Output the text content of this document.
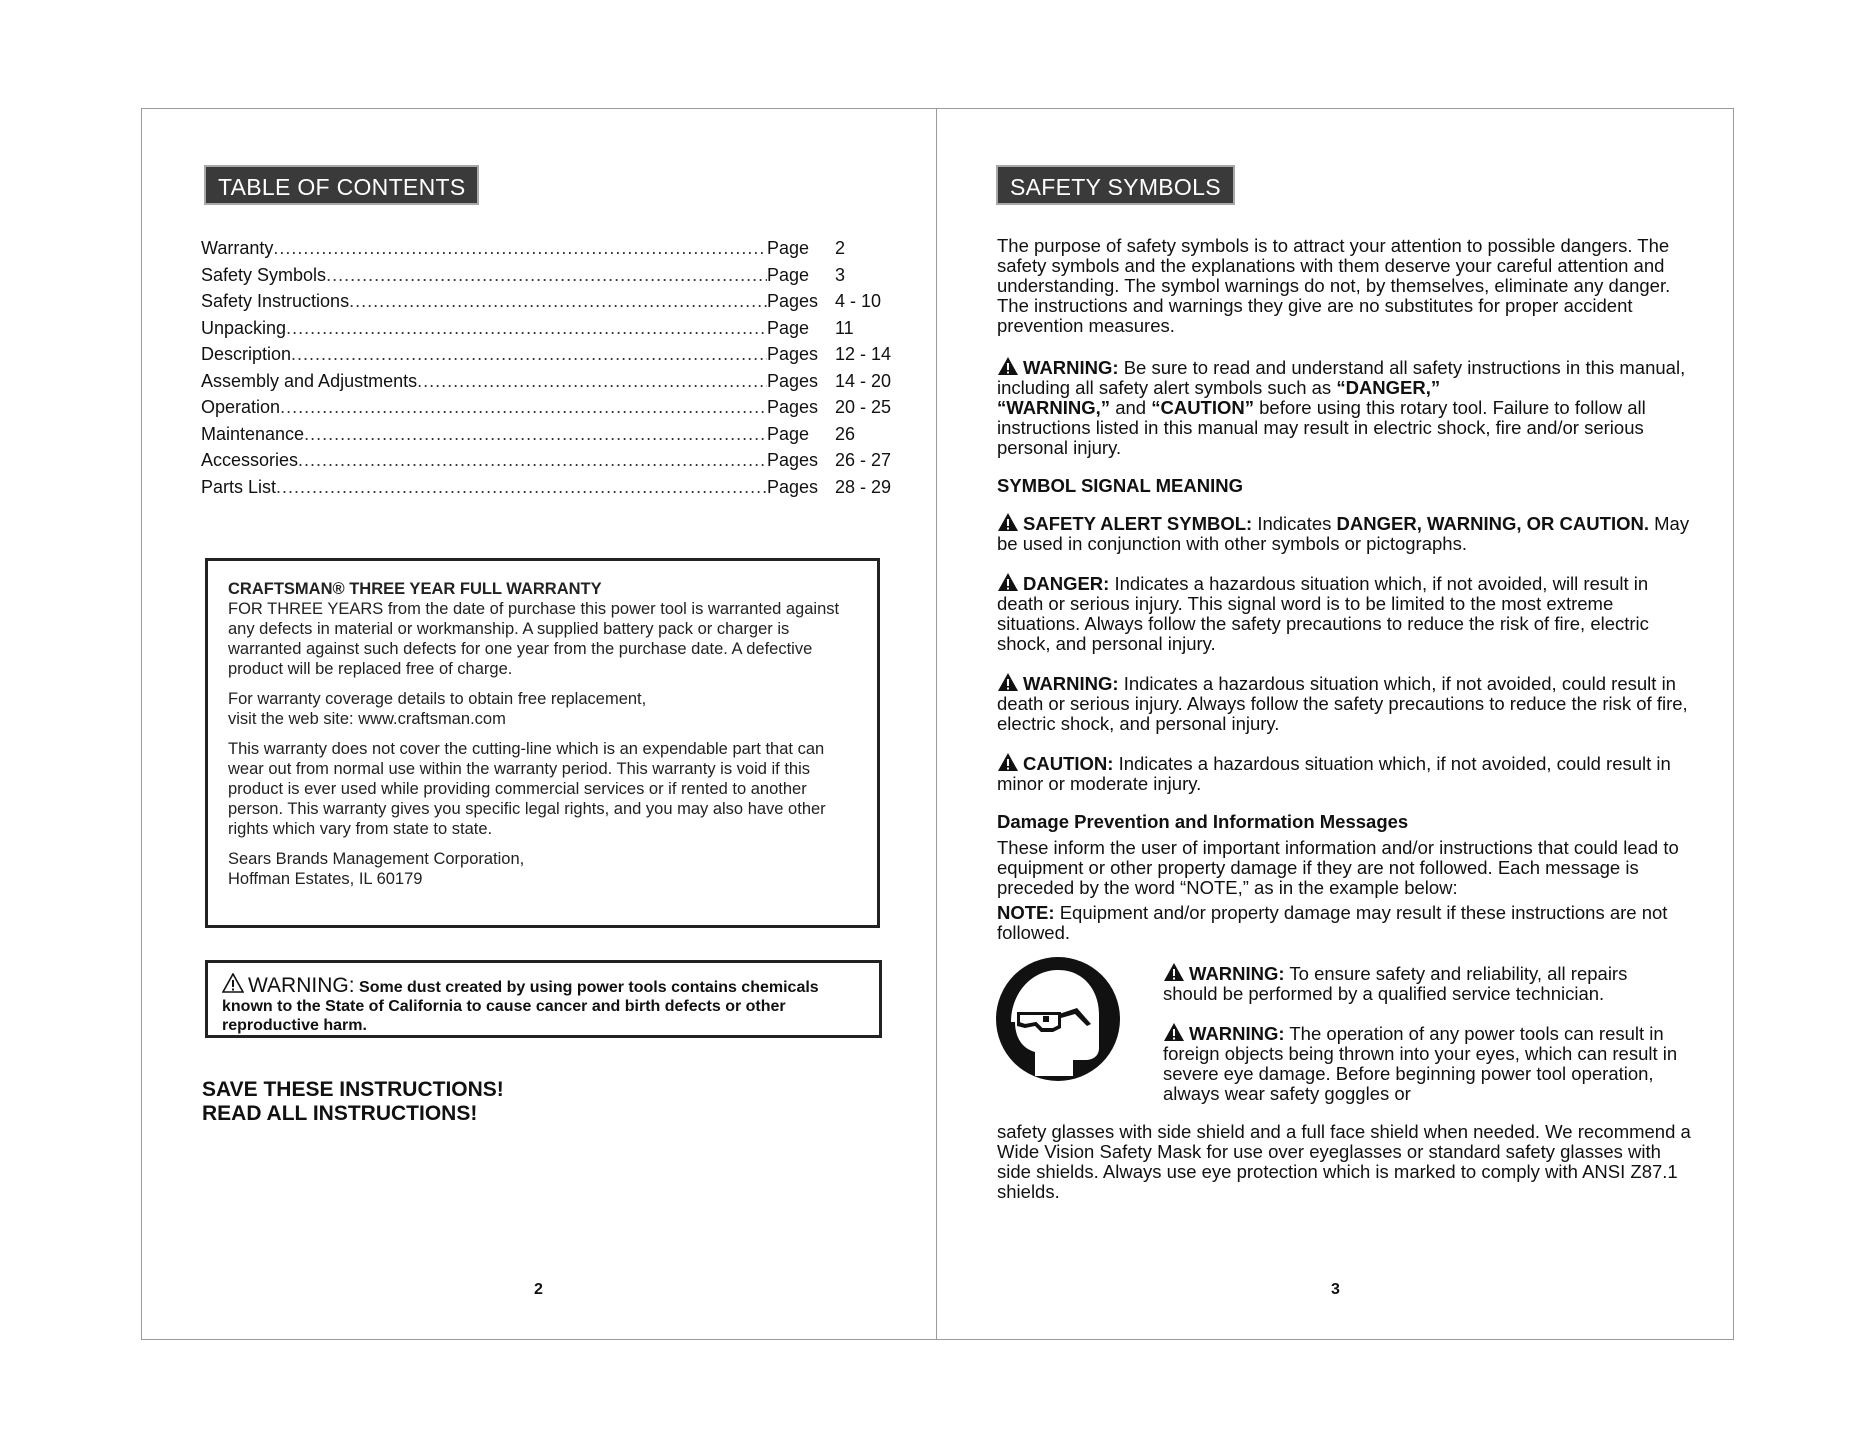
TABLE OF CONTENTS
Warranty .....	Page	2
Safety Symbols .....	Page	3
Safety Instructions .....	Pages 4 - 10
Unpacking .....	Page	11
Description .....	Pages 12 - 14
Assembly and Adjustments .....	Pages 14 - 20
Operation .....	Pages 20 - 25
Maintenance .....	Page	26
Accessories .....	Pages 26 - 27
Parts List .....	Pages 28 - 29

CRAFTSMAN® THREE YEAR FULL WARRANTY

FOR THREE YEARS from the date of purchase this power tool is warranted against any defects in material or workmanship. A supplied battery pack or charger is warranted against such defects for one year from the purchase date. A defective product will be replaced free of charge.

For warranty coverage details to obtain free replacement,
visit the web site: www.craftsman.com

This warranty does not cover the cutting-line which is an expendable part that can wear out from normal use within the warranty period. This warranty is void if this product is ever used while providing commercial services or if rented to another person. This warranty gives you specific legal rights, and you may also have other rights which vary from state to state.

Sears Brands Management Corporation,
Hoffman Estates, IL 60179

WARNING: Some dust created by using power tools contains chemicals known to the State of California to cause cancer and birth defects or other reproductive harm.
SAVE THESE INSTRUCTIONS!
READ ALL INSTRUCTIONS!
2
SAFETY SYMBOLS
The purpose of safety symbols is to attract your attention to possible dangers. The safety symbols and the explanations with them deserve your careful attention and understanding. The symbol warnings do not, by themselves, eliminate any danger. The instructions and warnings they give are no substitutes for proper accident prevention measures.
WARNING: Be sure to read and understand all safety instructions in this manual, including all safety alert symbols such as “DANGER,”
“WARNING,” and “CAUTION” before using this rotary tool. Failure to follow all instructions listed in this manual may result in electric shock, fire and/or serious personal injury.
SYMBOL SIGNAL MEANING
SAFETY ALERT SYMBOL: Indicates DANGER, WARNING, OR CAUTION. May be used in conjunction with other symbols or pictographs.
DANGER: Indicates a hazardous situation which, if not avoided, will result in death or serious injury. This signal word is to be limited to the most extreme situations. Always follow the safety precautions to reduce the risk of fire, electric shock, and personal injury.
WARNING: Indicates a hazardous situation which, if not avoided, could result in death or serious injury. Always follow the safety precautions to reduce the risk of fire, electric shock, and personal injury.
CAUTION: Indicates a hazardous situation which, if not avoided, could result in minor or moderate injury.
Damage Prevention and Information Messages
These inform the user of important information and/or instructions that could lead to equipment or other property damage if they are not followed. Each message is preceded by the word “NOTE,” as in the example below:
NOTE: Equipment and/or property damage may result if these instructions are not followed.
WARNING: To ensure safety and reliability, all repairs should be performed by a qualified service technician.
WARNING: The operation of any power tools can result in foreign objects being thrown into your eyes, which can result in severe eye damage. Before beginning power tool operation, always wear safety goggles or
safety glasses with side shield and a full face shield when needed. We recommend a Wide Vision Safety Mask for use over eyeglasses or standard safety glasses with side shields. Always use eye protection which is marked to comply with ANSI Z87.1 shields.
3
